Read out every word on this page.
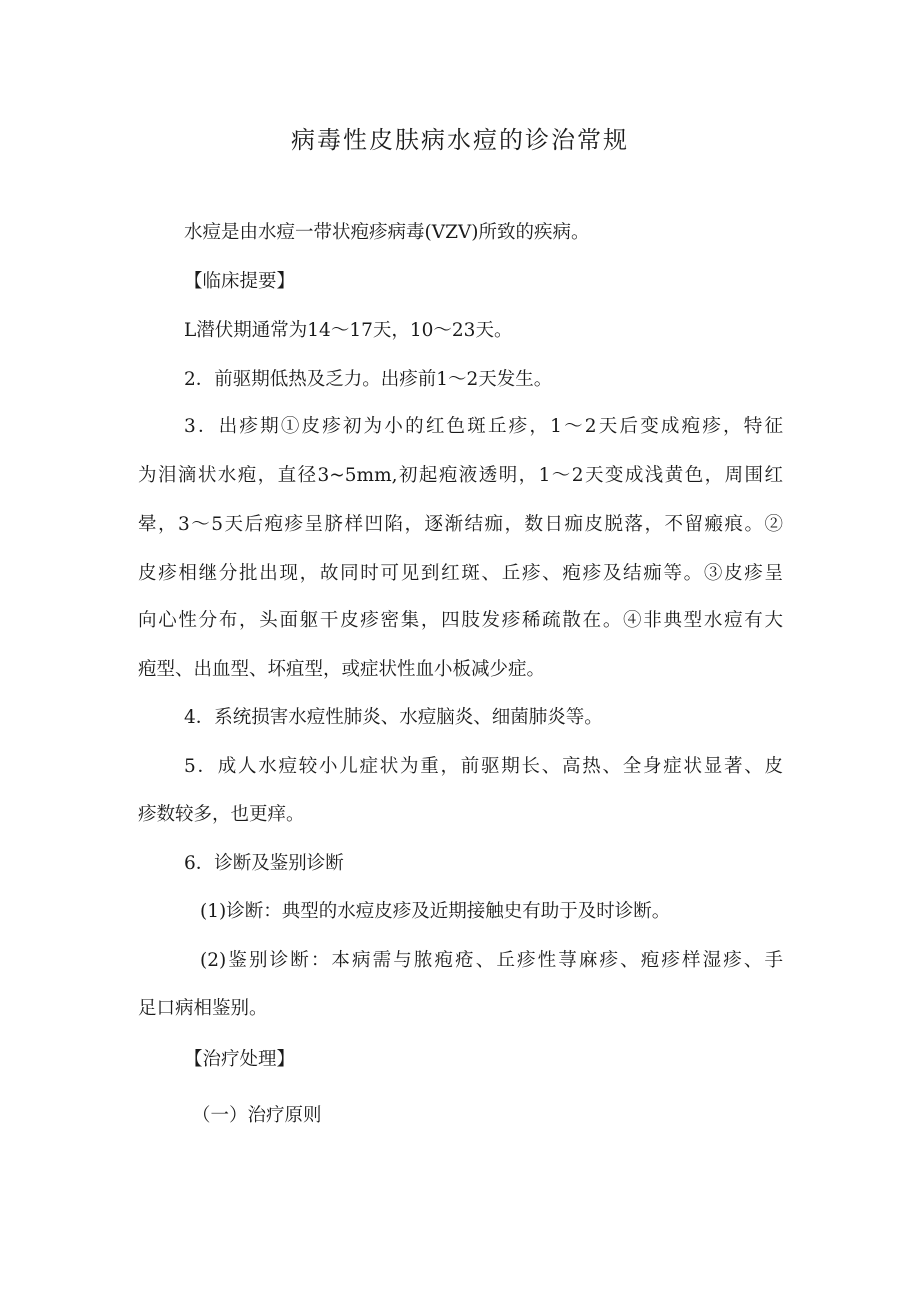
病毒性皮肤病水痘的诊治常规
水痘是由水痘一带状疱疹病毒(VZV)所致的疾病。
【临床提要】
L潜伏期通常为14～17天，10～23天。
2．前驱期低热及乏力。出疹前1～2天发生。
3．出疹期①皮疹初为小的红色斑丘疹，1～2天后变成疱疹，特征
为泪滴状水疱，直径3~5mm,初起疱液透明，1～2天变成浅黄色，周围红
晕，3～5天后疱疹呈脐样凹陷，逐渐结痂，数日痂皮脱落，不留瘢痕。②
皮疹相继分批出现，故同时可见到红斑、丘疹、疱疹及结痂等。③皮疹呈
向心性分布，头面躯干皮疹密集，四肢发疹稀疏散在。④非典型水痘有大
疱型、出血型、坏疽型，或症状性血小板减少症。
4．系统损害水痘性肺炎、水痘脑炎、细菌肺炎等。
5．成人水痘较小儿症状为重，前驱期长、高热、全身症状显著、皮
疹数较多，也更痒。
6．诊断及鉴别诊断
(1)诊断：典型的水痘皮疹及近期接触史有助于及时诊断。
(2)鉴别诊断：本病需与脓疱疮、丘疹性荨麻疹、疱疹样湿疹、手
足口病相鉴别。
【治疗处理】
（一）治疗原则
